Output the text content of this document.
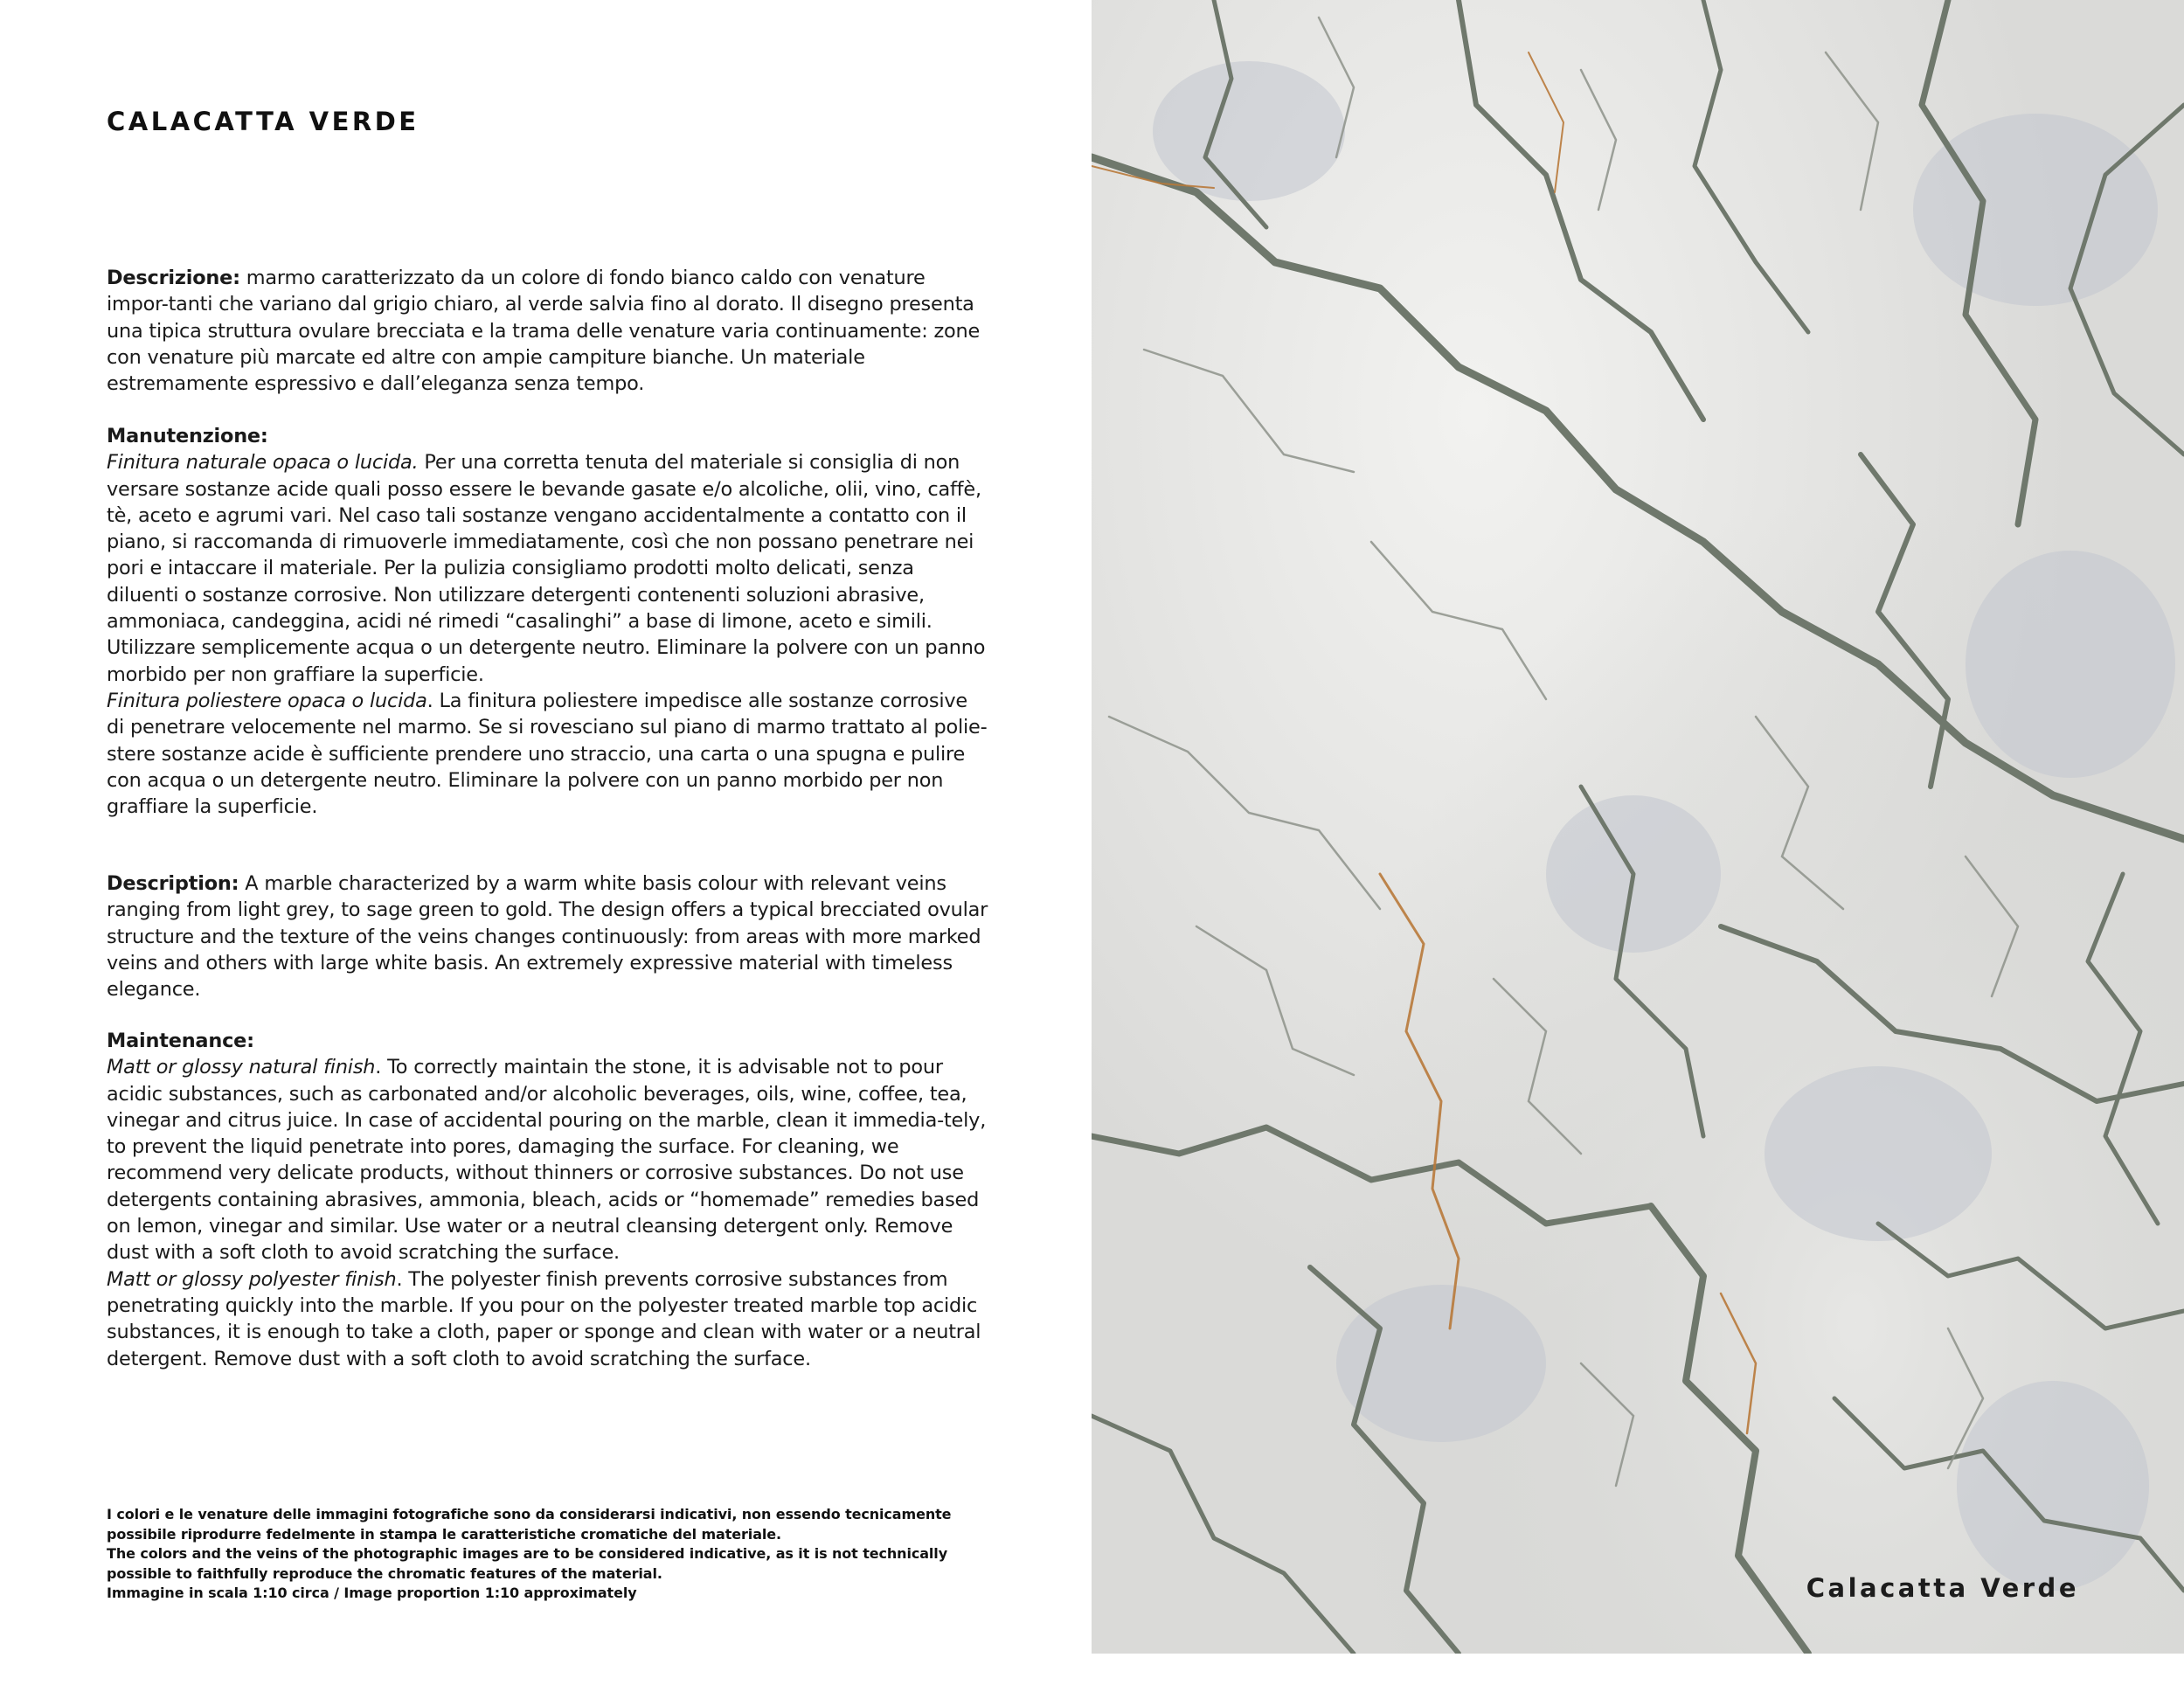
CALACATTA VERDE

Descrizione: marmo caratterizzato da un colore di fondo bianco caldo con venature impor-tanti che variano dal grigio chiaro, al verde salvia fino al dorato. Il disegno presenta una tipica struttura ovulare brecciata e la trama delle venature varia continuamente: zone con venature più marcate ed altre con ampie campiture bianche. Un materiale estremamente espressivo e dall’eleganza senza tempo.

Manutenzione:

Finitura naturale opaca o lucida. Per una corretta tenuta del materiale si consiglia di non versare sostanze acide quali posso essere le bevande gasate e/o alcoliche, olii, vino, caffè, tè, aceto e agrumi vari. Nel caso tali sostanze vengano accidentalmente a contatto con il piano, si raccomanda di rimuoverle immediatamente, così che non possano penetrare nei pori e intaccare il materiale. Per la pulizia consigliamo prodotti molto delicati, senza diluenti o sostanze corrosive. Non utilizzare detergenti contenenti soluzioni abrasive, ammoniaca, candeggina, acidi né rimedi “casalinghi” a base di limone, aceto e simili. Utilizzare semplicemente acqua o un detergente neutro. Eliminare la polvere con un panno morbido per non graffiare la superficie.

Finitura poliestere opaca o lucida. La finitura poliestere impedisce alle sostanze corrosive di penetrare velocemente nel marmo. Se si rovesciano sul piano di marmo trattato al polie-stere sostanze acide è sufficiente prendere uno straccio, una carta o una spugna e pulire con acqua o un detergente neutro. Eliminare la polvere con un panno morbido per non graffiare la superficie.

Description: A marble characterized by a warm white basis colour with relevant veins ranging from light grey, to sage green to gold. The design offers a typical brecciated ovular structure and the texture of the veins changes continuously: from areas with more marked veins and others with large white basis. An extremely expressive material with timeless elegance.

Maintenance:

Matt or glossy natural finish. To correctly maintain the stone, it is advisable not to pour acidic substances, such as carbonated and/or alcoholic beverages, oils, wine, coffee, tea, vinegar and citrus juice. In case of accidental pouring on the marble, clean it immedia-tely, to prevent the liquid penetrate into pores, damaging the surface. For cleaning, we recommend very delicate products, without thinners or corrosive substances. Do not use detergents containing abrasives, ammonia, bleach, acids or “homemade” remedies based on lemon, vinegar and similar. Use water or a neutral cleansing detergent only. Remove dust with a soft cloth to avoid scratching the surface.

Matt or glossy polyester finish. The polyester finish prevents corrosive substances from penetrating quickly into the marble. If you pour on the polyester treated marble top acidic substances, it is enough to take a cloth, paper or sponge and clean with water or a neutral detergent. Remove dust with a soft cloth to avoid scratching the surface.

I colori e le venature delle immagini fotografiche sono da considerarsi indicativi, non essendo tecnicamente possibile riprodurre fedelmente in stampa le caratteristiche cromatiche del materiale.

The colors and the veins of the photographic images are to be considered indicative, as it is not technically possible to faithfully reproduce the chromatic features of the material.

Immagine in scala 1:10 circa / Image proportion 1:10 approximately	Calacatta Verde
